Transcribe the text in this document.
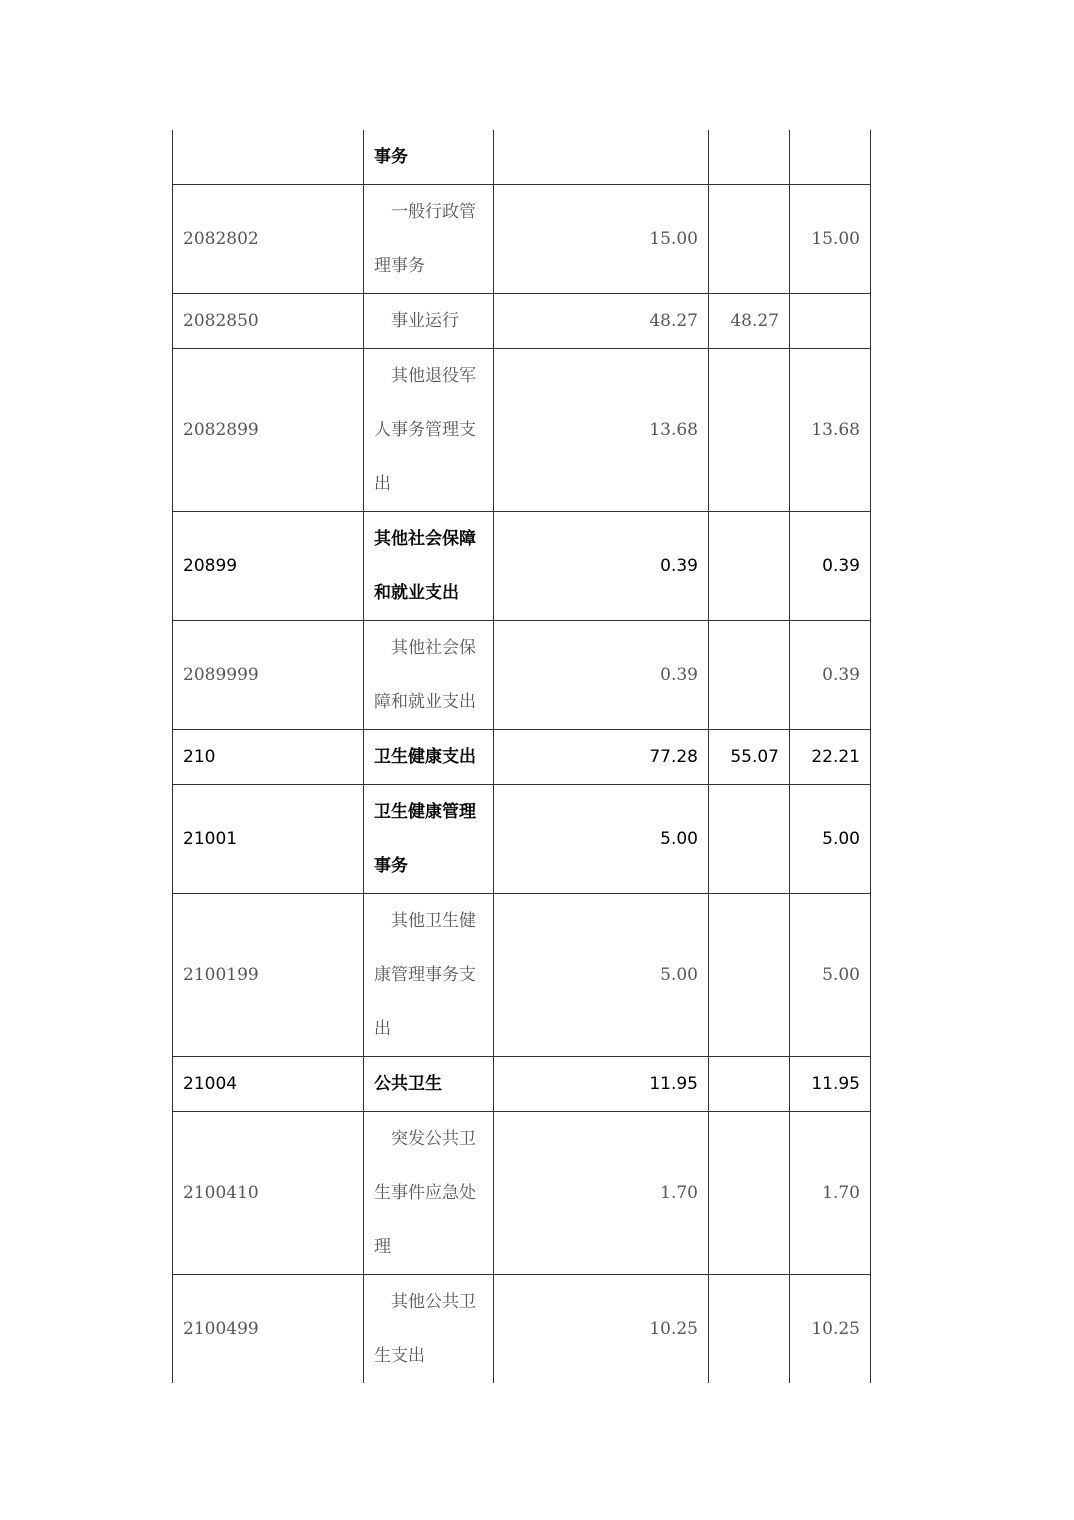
	事务			
2082802	一般行政管理事务	15.00		15.00
2082850	事业运行	48.27	48.27	
2082899	其他退役军人事务管理支出	13.68		13.68
20899	其他社会保障和就业支出	0.39		0.39
2089999	其他社会保障和就业支出	0.39		0.39
210	卫生健康支出	77.28	55.07	22.21
21001	卫生健康管理事务	5.00		5.00
2100199	其他卫生健康管理事务支出	5.00		5.00
21004	公共卫生	11.95		11.95
2100410	突发公共卫生事件应急处理	1.70		1.70
2100499	其他公共卫生支出	10.25		10.25
